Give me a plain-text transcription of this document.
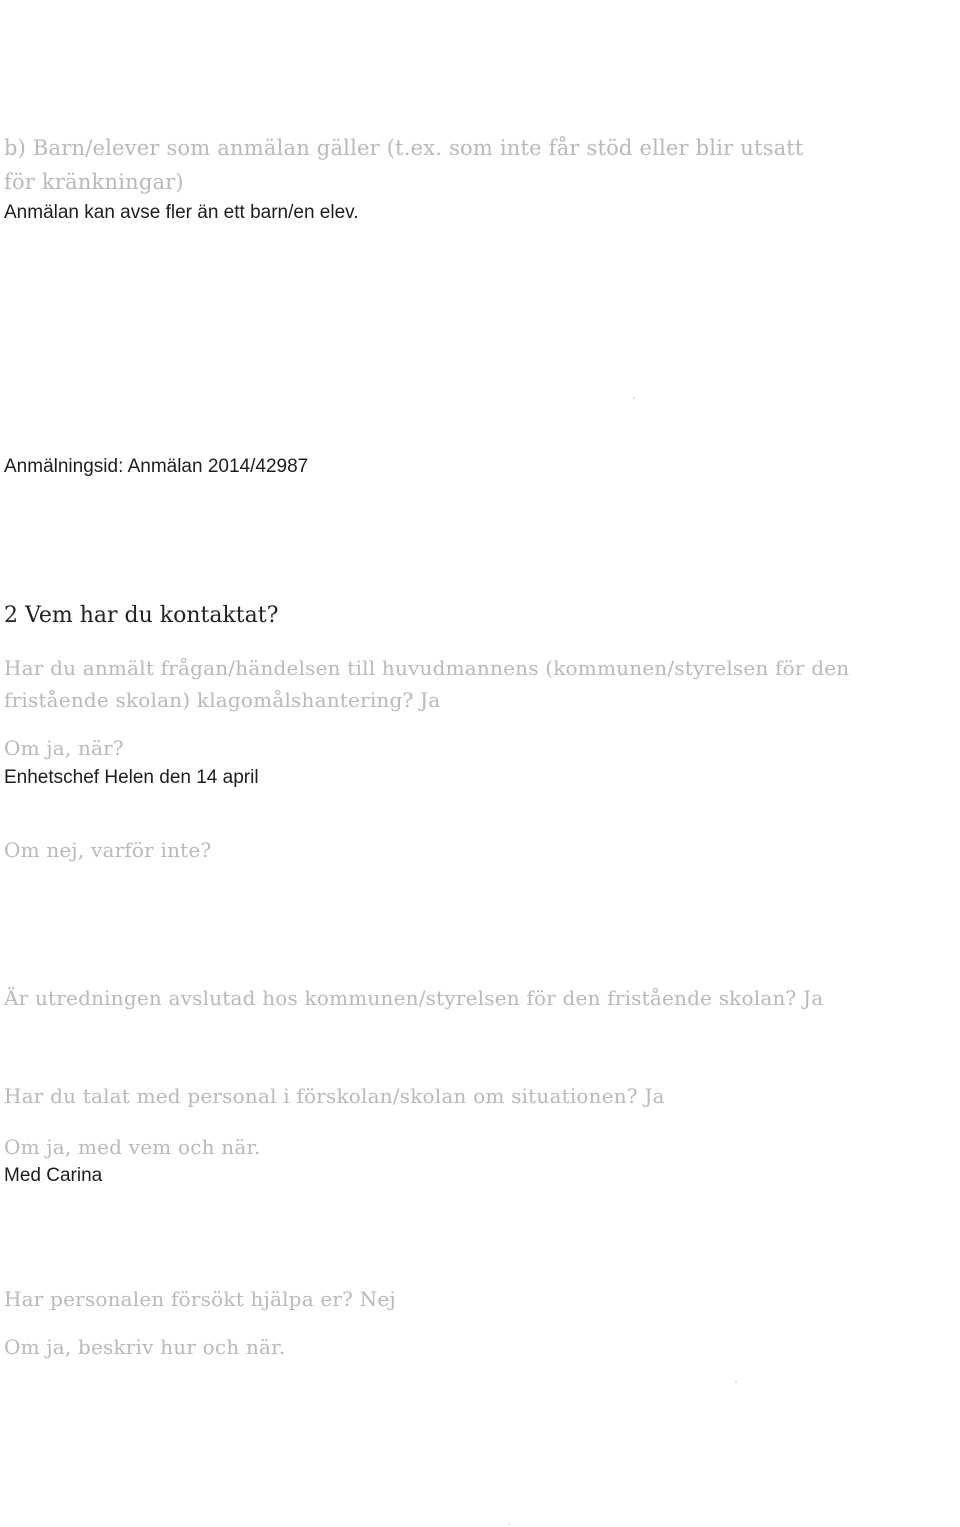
b) Barn/elever som anmälan gäller (t.ex. som inte får stöd eller blir utsatt
för kränkningar)
Anmälan kan avse fler än ett barn/en elev.
Anmälningsid: Anmälan 2014/42987
2 Vem har du kontaktat?
Har du anmält frågan/händelsen till huvudmannens (kommunen/styrelsen för den
fristående skolan) klagomålshantering? Ja
Om ja, när?
Enhetschef Helen den 14 april
Om nej, varför inte?
Är utredningen avslutad hos kommunen/styrelsen för den fristående skolan? Ja
Har du talat med personal i förskolan/skolan om situationen? Ja
Om ja, med vem och när.
Med Carina
Har personalen försökt hjälpa er? Nej
Om ja, beskriv hur och när.
